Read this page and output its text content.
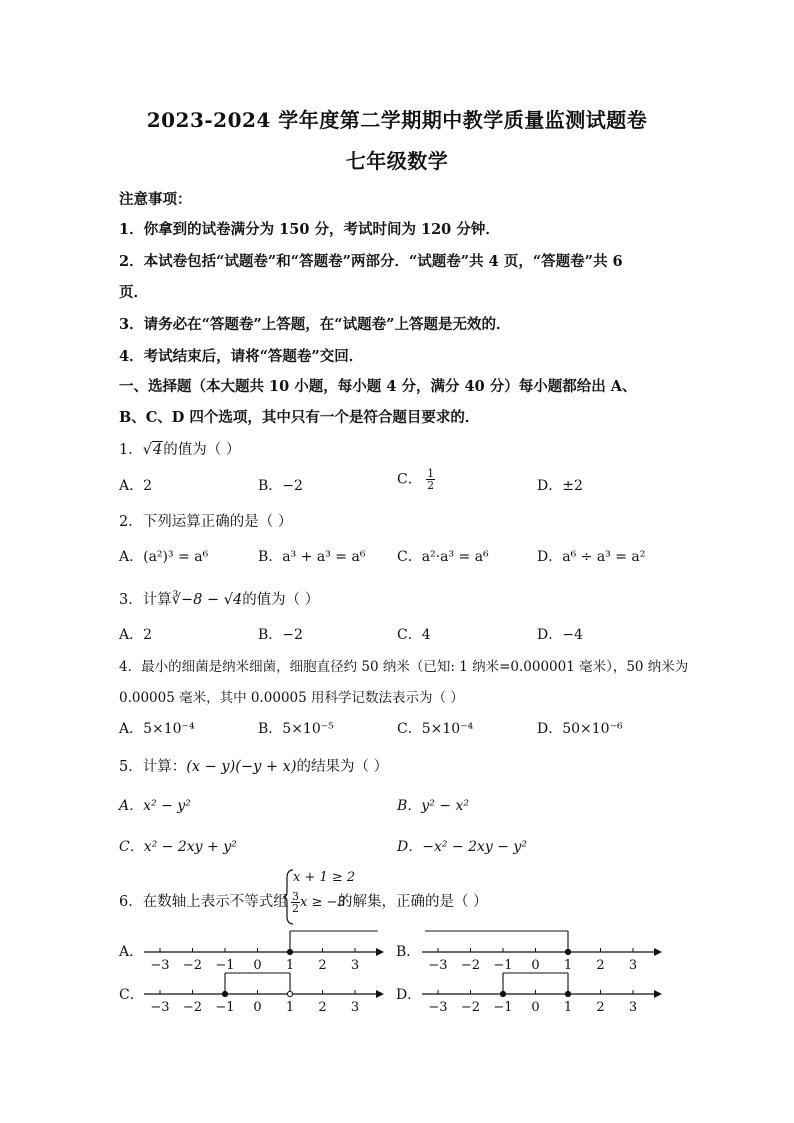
2023-2024 学年度第二学期期中教学质量监测试题卷
七年级数学
注意事项：
1．你拿到的试卷满分为 150 分，考试时间为 120 分钟．
2．本试卷包括“试题卷”和“答题卷”两部分．“试题卷”共 4 页，“答题卷”共 6
页．
3．请务必在“答题卷”上答题，在“试题卷”上答题是无效的．
4．考试结束后，请将“答题卷”交回．
一、选择题（本大题共 10 小题，每小题 4 分，满分 40 分）每小题都给出 A、
B、C、D 四个选项，其中只有一个是符合题目要求的．
1．√4的值为（ ）
A．2	B．−2	C． $\frac{1}{2}$	D．±2
2．下列运算正确的是（ ）
A．(a²)³ = a⁶	B．a³ + a³ = a⁶ C．a²·a³ = a⁶	D．a⁶ ÷ a³ = a²
3．计算∛−8 − √4的值为（ ）
A．2	B．−2	C．4	D．−4
4．最小的细菌是纳米细菌，细胞直径约 50 纳米（已知: 1 纳米=0.000001 毫米），50 纳米为
0.00005 毫米，其中 0.00005 用科学记数法表示为（ ）
A．5×10⁻⁴	B．5×10⁻⁵	C．5×10⁻⁴	D．50×10⁻⁶
5．计算：(x − y)(−y + x)的结果为（ ）
A．x² − y²	B．y² − x²
C．x² − 2xy + y²	D．−x² − 2xy − y²
6．在数轴上表示不等式组
x + 1 ≥ 2
$\frac{3}{2}$ x ≥ −3
的解集，正确的是（ ）
A．	B．
C．	D．
−3 −2 −1 0 1 2 3	−3 −2 −1 0 1 2 3
−3 −2 −1 0 1 2 3	−3 −2 −1 0 1 2 3
